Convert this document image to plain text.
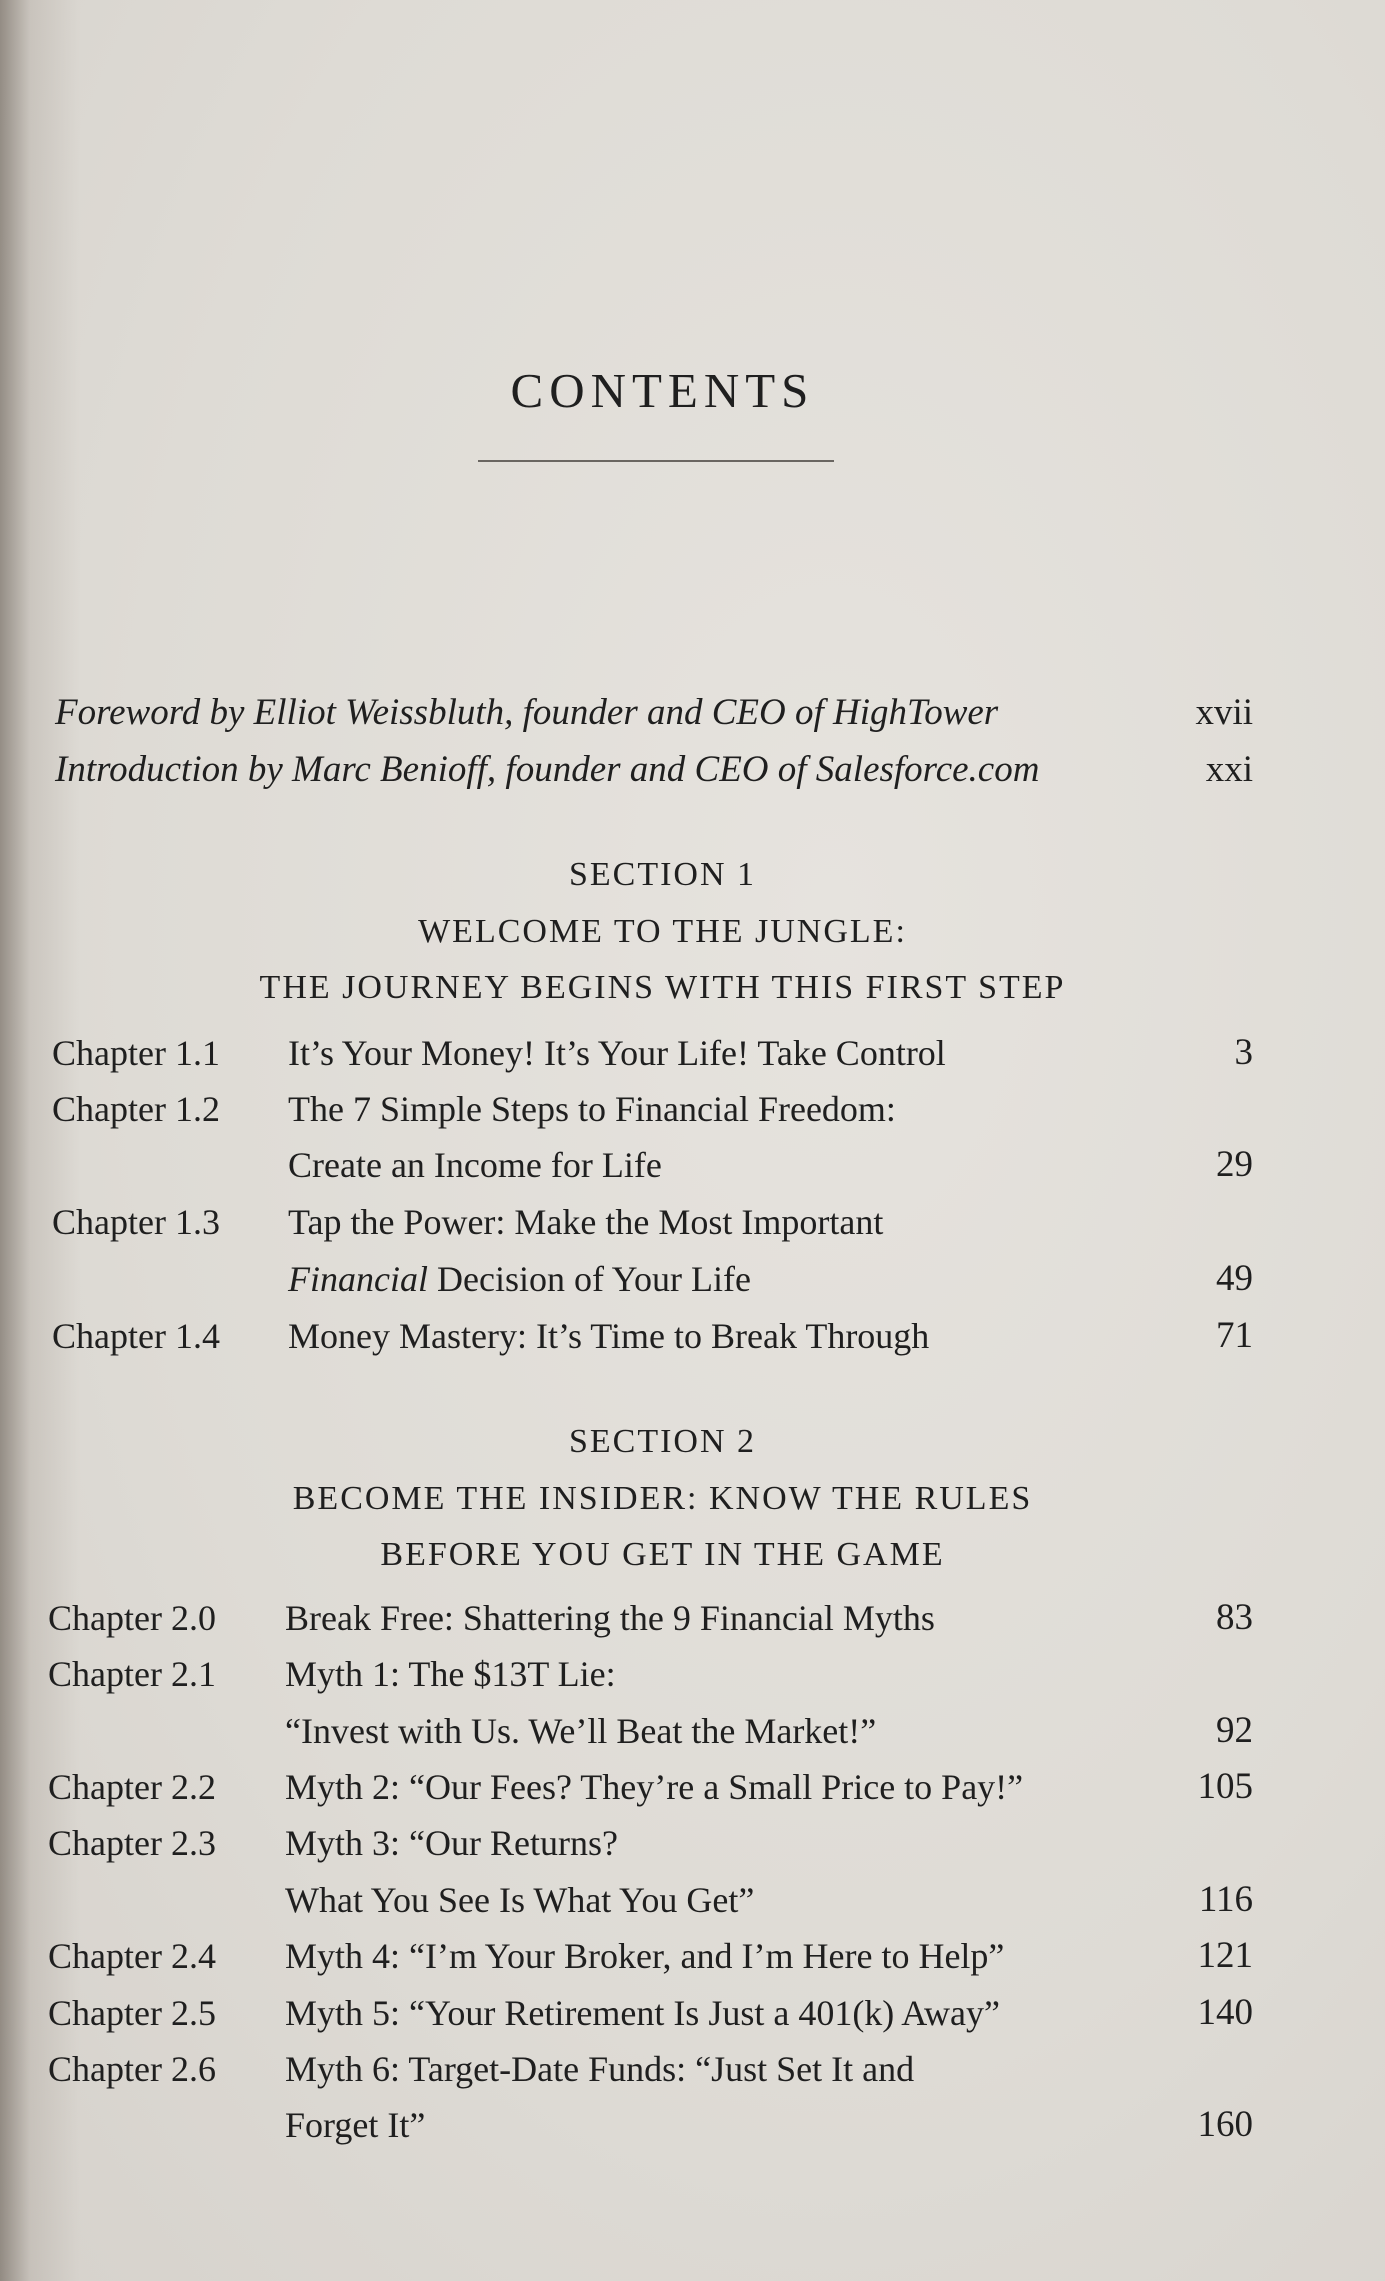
CONTENTS
Foreword by Elliot Weissbluth, founder and CEO of HighTower	xvii
Introduction by Marc Benioff, founder and CEO of Salesforce.com	xxi
SECTION 1
WELCOME TO THE JUNGLE:
THE JOURNEY BEGINS WITH THIS FIRST STEP
Chapter 1.1 It’s Your Money! It’s Your Life! Take Control	3
Chapter 1.2 The 7 Simple Steps to Financial Freedom:
Create an Income for Life	29
Chapter 1.3 Tap the Power: Make the Most Important
Financial Decision of Your Life	49
Chapter 1.4 Money Mastery: It’s Time to Break Through	71
SECTION 2
BECOME THE INSIDER: KNOW THE RULES
BEFORE YOU GET IN THE GAME
Chapter 2.0 Break Free: Shattering the 9 Financial Myths	83
Chapter 2.1 Myth 1: The $13T Lie:
“Invest with Us. We’ll Beat the Market!”	92
Chapter 2.2 Myth 2: “Our Fees? They’re a Small Price to Pay!”	105
Chapter 2.3 Myth 3: “Our Returns?
What You See Is What You Get”	116
Chapter 2.4 Myth 4: “I’m Your Broker, and I’m Here to Help”	121
Chapter 2.5 Myth 5: “Your Retirement Is Just a 401(k) Away”	140
Chapter 2.6 Myth 6: Target-Date Funds: “Just Set It and
Forget It”	160
